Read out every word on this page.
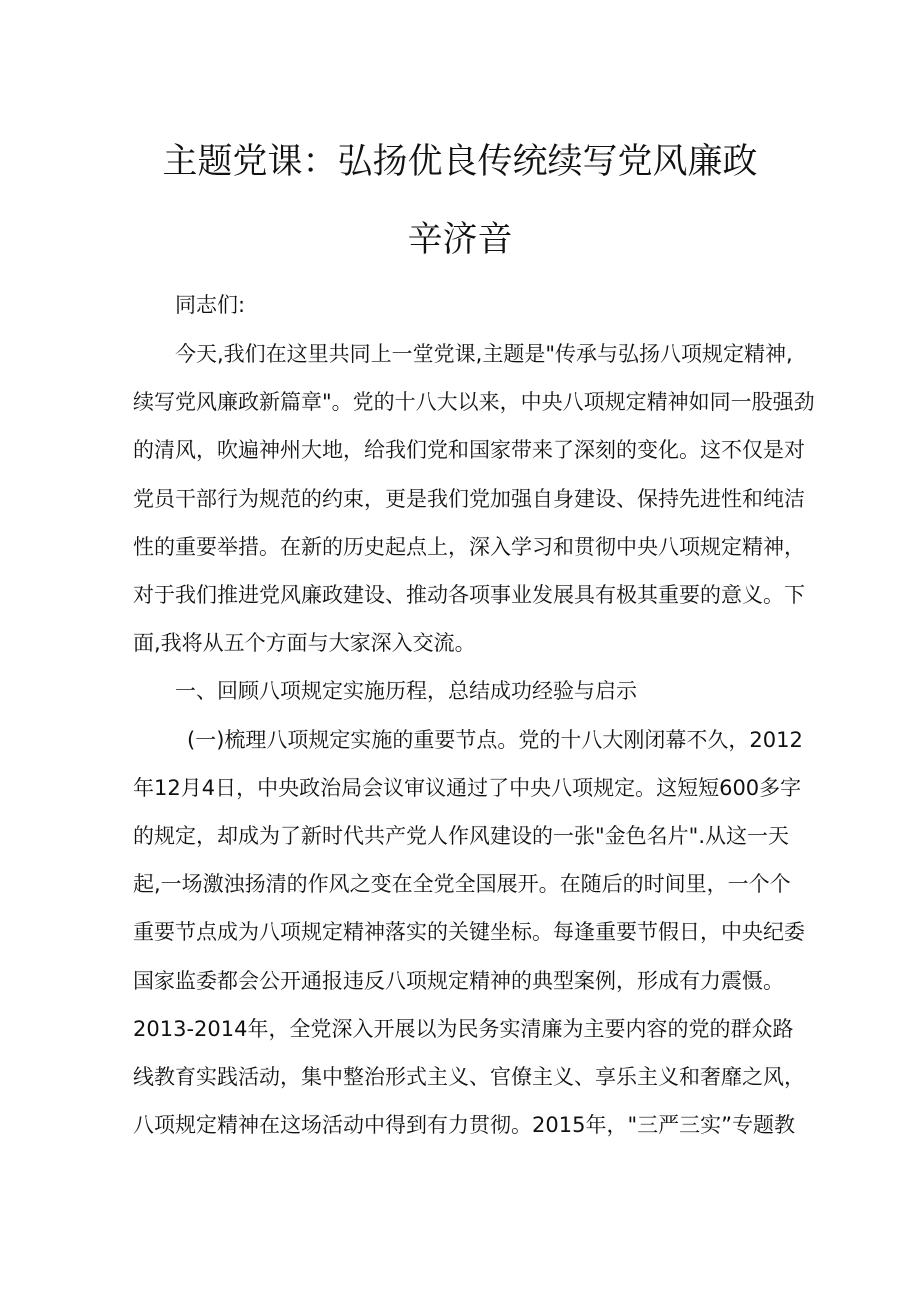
主题党课：弘扬优良传统续写党风廉政
辛济音
同志们:
今天,我们在这里共同上一堂党课,主题是"传承与弘扬八项规定精神,
续写党风廉政新篇章"。党的十八大以来，中央八项规定精神如同一股强劲
的清风，吹遍神州大地，给我们党和国家带来了深刻的变化。这不仅是对
党员干部行为规范的约束，更是我们党加强自身建设、保持先进性和纯洁
性的重要举措。在新的历史起点上，深入学习和贯彻中央八项规定精神，
对于我们推进党风廉政建设、推动各项事业发展具有极其重要的意义。下
面,我将从五个方面与大家深入交流。
一、回顾八项规定实施历程，总结成功经验与启示
(一)梳理八项规定实施的重要节点。党的十八大刚闭幕不久，2012
年12月4日，中央政治局会议审议通过了中央八项规定。这短短600多字
的规定，却成为了新时代共产党人作风建设的一张"金色名片".从这一天
起,一场激浊扬清的作风之变在全党全国展开。在随后的时间里，一个个
重要节点成为八项规定精神落实的关键坐标。每逢重要节假日，中央纪委
国家监委都会公开通报违反八项规定精神的典型案例，形成有力震慑。
2013-2014年，全党深入开展以为民务实清廉为主要内容的党的群众路
线教育实践活动，集中整治形式主义、官僚主义、享乐主义和奢靡之风，
八项规定精神在这场活动中得到有力贯彻。2015年，"三严三实”专题教
